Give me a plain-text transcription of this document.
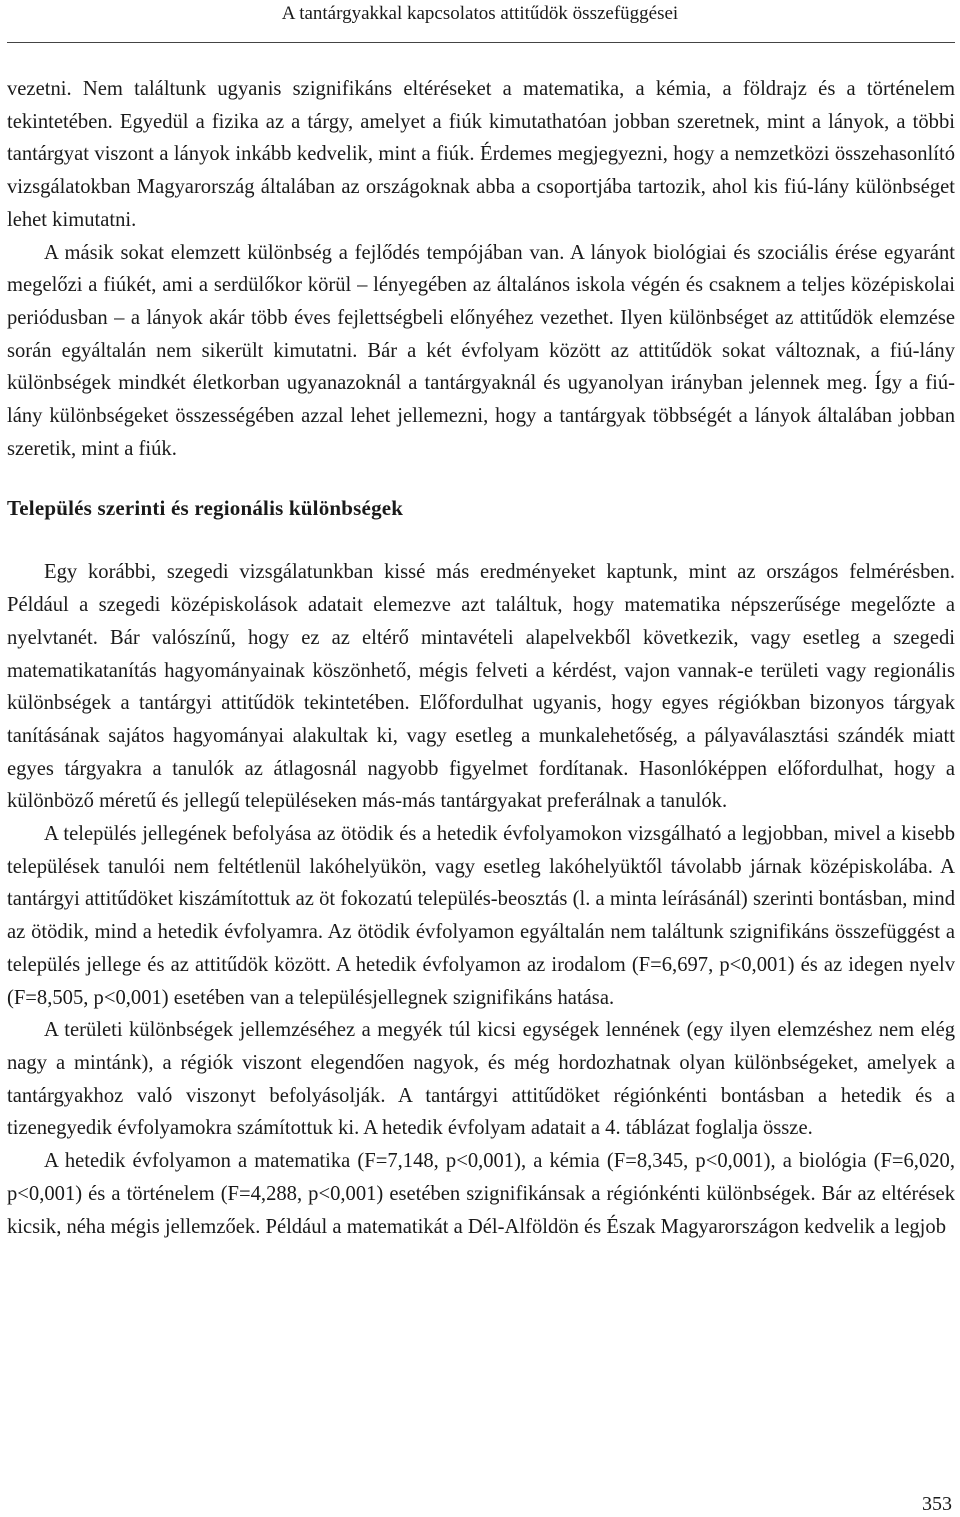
A tantárgyakkal kapcsolatos attitűdök összefüggései

vezetni. Nem találtunk ugyanis szignifikáns eltéréseket a matematika, a kémia, a földrajz és a történelem tekintetében. Egyedül a fizika az a tárgy, amelyet a fiúk kimutathatóan jobban szeretnek, mint a lányok, a többi tantárgyat viszont a lányok inkább kedvelik, mint a fiúk. Érdemes megjegyezni, hogy a nemzetközi összehasonlító vizsgálatokban Magyarország általában az országoknak abba a csoportjába tartozik, ahol kis fiú-lány különbséget lehet kimutatni.

A másik sokat elemzett különbség a fejlődés tempójában van. A lányok biológiai és szociális érése egyaránt megelőzi a fiúkét, ami a serdülőkor körül – lényegében az általános iskola végén és csaknem a teljes középiskolai periódusban – a lányok akár több éves fejlettségbeli előnyéhez vezethet. Ilyen különbséget az attitűdök elemzése során egyáltalán nem sikerült kimutatni. Bár a két évfolyam között az attitűdök sokat változnak, a fiú-lány különbségek mindkét életkorban ugyanazoknál a tantárgyaknál és ugyanolyan irányban jelennek meg. Így a fiú-lány különbségeket összességében azzal lehet jellemezni, hogy a tantárgyak többségét a lányok általában jobban szeretik, mint a fiúk.

Település szerinti és regionális különbségek

Egy korábbi, szegedi vizsgálatunkban kissé más eredményeket kaptunk, mint az országos felmérésben. Például a szegedi középiskolások adatait elemezve azt találtuk, hogy matematika népszerűsége megelőzte a nyelvtanét. Bár valószínű, hogy ez az eltérő mintavételi alapelvekből következik, vagy esetleg a szegedi matematikatanítás hagyományainak köszönhető, mégis felveti a kérdést, vajon vannak-e területi vagy regionális különbségek a tantárgyi attitűdök tekintetében. Előfordulhat ugyanis, hogy egyes régiókban bizonyos tárgyak tanításának sajátos hagyományai alakultak ki, vagy esetleg a munkalehetőség, a pályaválasztási szándék miatt egyes tárgyakra a tanulók az átlagosnál nagyobb figyelmet fordítanak. Hasonlóképpen előfordulhat, hogy a különböző méretű és jellegű településeken más-más tantárgyakat preferálnak a tanulók.

A település jellegének befolyása az ötödik és a hetedik évfolyamokon vizsgálható a legjobban, mivel a kisebb települések tanulói nem feltétlenül lakóhelyükön, vagy esetleg lakóhelyüktől távolabb járnak középiskolába. A tantárgyi attitűdöket kiszámítottuk az öt fokozatú település-beosztás (l. a minta leírásánál) szerinti bontásban, mind az ötödik, mind a hetedik évfolyamra. Az ötödik évfolyamon egyáltalán nem találtunk szignifikáns összefüggést a település jellege és az attitűdök között. A hetedik évfolyamon az irodalom (F=6,697, p<0,001) és az idegen nyelv (F=8,505, p<0,001) esetében van a településjellegnek szignifikáns hatása.

A területi különbségek jellemzéséhez a megyék túl kicsi egységek lennének (egy ilyen elemzéshez nem elég nagy a mintánk), a régiók viszont elegendően nagyok, és még hordozhatnak olyan különbségeket, amelyek a tantárgyakhoz való viszonyt befolyásolják. A tantárgyi attitűdöket régiónkénti bontásban a hetedik és a tizenegyedik évfolyamokra számítottuk ki. A hetedik évfolyam adatait a 4. táblázat foglalja össze.

A hetedik évfolyamon a matematika (F=7,148, p<0,001), a kémia (F=8,345, p<0,001), a biológia (F=6,020, p<0,001) és a történelem (F=4,288, p<0,001) esetében szignifikánsak a régiónkénti különbségek. Bár az eltérések kicsik, néha mégis jellemzőek. Például a matematikát a Dél-Alföldön és Észak Magyarországon kedvelik a legjob

353
